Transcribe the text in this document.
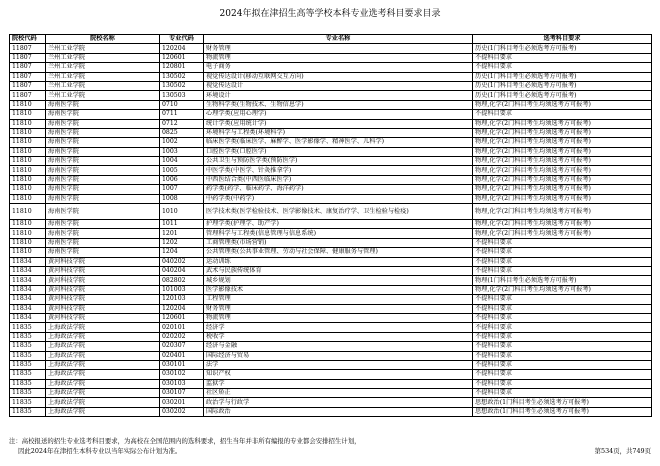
2024年拟在津招生高等学校本科专业选考科目要求目录
院校代码	院校名称	专业代码	专业名称	选考科目要求
11807	兰州工业学院	120204	财务管理	历史(1门科目考生必须选考方可报考)
11807	兰州工业学院	120601	物流管理	不提科目要求
11807	兰州工业学院	120801	电子商务	不提科目要求
11807	兰州工业学院	130502	视觉传达设计(移动互联网交互方向)	历史(1门科目考生必须选考方可报考)
11807	兰州工业学院	130502	视觉传达设计	历史(1门科目考生必须选考方可报考)
11807	兰州工业学院	130503	环境设计	历史(1门科目考生必须选考方可报考)
11810	海南医学院	0710	生物科学类(生物技术、生物信息学)	物理,化学(2门科目考生均须选考方可报考)
11810	海南医学院	0711	心理学类(应用心理学)	不提科目要求
11810	海南医学院	0712	统计学类(应用统计学)	物理,化学(2门科目考生均须选考方可报考)
11810	海南医学院	0825	环境科学与工程类(环境科学)	物理,化学(2门科目考生均须选考方可报考)
11810	海南医学院	1002	临床医学类(临床医学、麻醉学、医学影像学、精神医学、儿科学)	物理,化学(2门科目考生均须选考方可报考)
11810	海南医学院	1003	口腔医学类(口腔医学)	物理,化学(2门科目考生均须选考方可报考)
11810	海南医学院	1004	公共卫生与预防医学类(预防医学)	物理,化学(2门科目考生均须选考方可报考)
11810	海南医学院	1005	中医学类(中医学、针灸推拿学)	物理,化学(2门科目考生均须选考方可报考)
11810	海南医学院	1006	中西医结合类(中西医临床医学)	物理,化学(2门科目考生均须选考方可报考)
11810	海南医学院	1007	药学类(药学、临床药学、海洋药学)	物理,化学(2门科目考生均须选考方可报考)
11810	海南医学院	1008	中药学类(中药学)	物理,化学(2门科目考生均须选考方可报考)
11810	海南医学院	1010	医学技术类(医学检验技术、医学影像技术、康复治疗学、卫生检验与检疫)	物理,化学(2门科目考生均须选考方可报考)
11810	海南医学院	1011	护理学类(护理学、助产学)	物理,化学(2门科目考生均须选考方可报考)
11810	海南医学院	1201	管理科学与工程类(信息管理与信息系统)	物理,化学(2门科目考生均须选考方可报考)
11810	海南医学院	1202	工商管理类(市场营销)	不提科目要求
11810	海南医学院	1204	公共管理类(公共事业管理、劳动与社会保障、健康服务与管理)	不提科目要求
11834	黄河科技学院	040202	运动训练	不提科目要求
11834	黄河科技学院	040204	武术与民族传统体育	不提科目要求
11834	黄河科技学院	082802	城乡规划	物理(1门科目考生必须选考方可报考)
11834	黄河科技学院	101003	医学影像技术	物理,化学(2门科目考生均须选考方可报考)
11834	黄河科技学院	120103	工程管理	不提科目要求
11834	黄河科技学院	120204	财务管理	不提科目要求
11834	黄河科技学院	120601	物流管理	不提科目要求
11835	上海政法学院	020101	经济学	不提科目要求
11835	上海政法学院	020202	税收学	不提科目要求
11835	上海政法学院	020307	经济与金融	不提科目要求
11835	上海政法学院	020401	国际经济与贸易	不提科目要求
11835	上海政法学院	030101	法学	不提科目要求
11835	上海政法学院	030102	知识产权	不提科目要求
11835	上海政法学院	030103	监狱学	不提科目要求
11835	上海政法学院	030107	社区矫正	不提科目要求
11835	上海政法学院	030201	政治学与行政学	思想政治(1门科目考生必须选考方可报考)
11835	上海政法学院	030202	国际政治	思想政治(1门科目考生必须选考方可报考)
注：高校报送的招生专业选考科目要求，为高校在全国范围内的选科要求，招生当年并非所有编报的专业都会安排招生计划，
因此2024年在津招生本科专业以当年实际公布计划为准。	第534页，共749页
